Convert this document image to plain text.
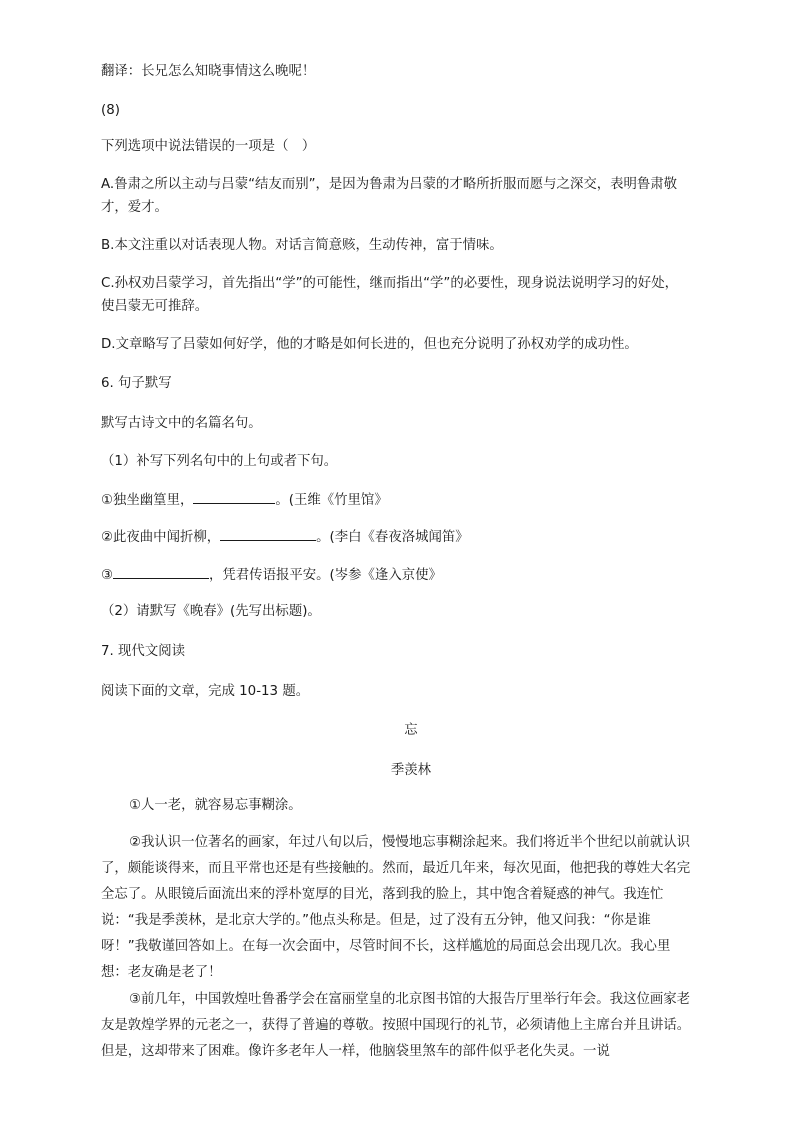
翻译：长兄怎么知晓事情这么晚呢！
(8)
下列选项中说法错误的一项是（　）
A.鲁肃之所以主动与吕蒙“结友而别”，是因为鲁肃为吕蒙的才略所折服而愿与之深交，表明鲁肃敬
才，爱才。
B.本文注重以对话表现人物。对话言简意赅，生动传神，富于情味。
C.孙权劝吕蒙学习，首先指出“学”的可能性，继而指出“学”的必要性，现身说法说明学习的好处，
使吕蒙无可推辞。
D.文章略写了吕蒙如何好学，他的才略是如何长进的，但也充分说明了孙权劝学的成功性。
6. 句子默写
默写古诗文中的名篇名句。
（1）补写下列名句中的上句或者下句。
①独坐幽篁里，	。(王维《竹里馆》
②此夜曲中闻折柳，	。(李白《春夜洛城闻笛》
③	，凭君传语报平安。(岑参《逢入京使》
（2）请默写《晚春》(先写出标题)。
7. 现代文阅读
阅读下面的文章，完成 10-13 题。
忘
季羡林
①人一老，就容易忘事糊涂。
②我认识一位著名的画家，年过八旬以后，慢慢地忘事糊涂起来。我们将近半个世纪以前就认识了，颇能谈得来，而且平常也还是有些接触的。然而，最近几年来，每次见面，他把我的尊姓大名完全忘了。从眼镜后面流出来的浮朴宽厚的目光，落到我的脸上，其中饱含着疑惑的神气。我连忙说：“我是季羡林，是北京大学的。”他点头称是。但是，过了没有五分钟，他又问我：“你是谁呀！”我敬谨回答如上。在每一次会面中，尽管时间不长，这样尴尬的局面总会出现几次。我心里想：老友确是老了！
③前几年，中国敦煌吐鲁番学会在富丽堂皇的北京图书馆的大报告厅里举行年会。我这位画家老友是敦煌学界的元老之一，获得了普遍的尊敬。按照中国现行的礼节，必须请他上主席台并且讲话。但是，这却带来了困难。像许多老年人一样，他脑袋里煞车的部件似乎老化失灵。一说
